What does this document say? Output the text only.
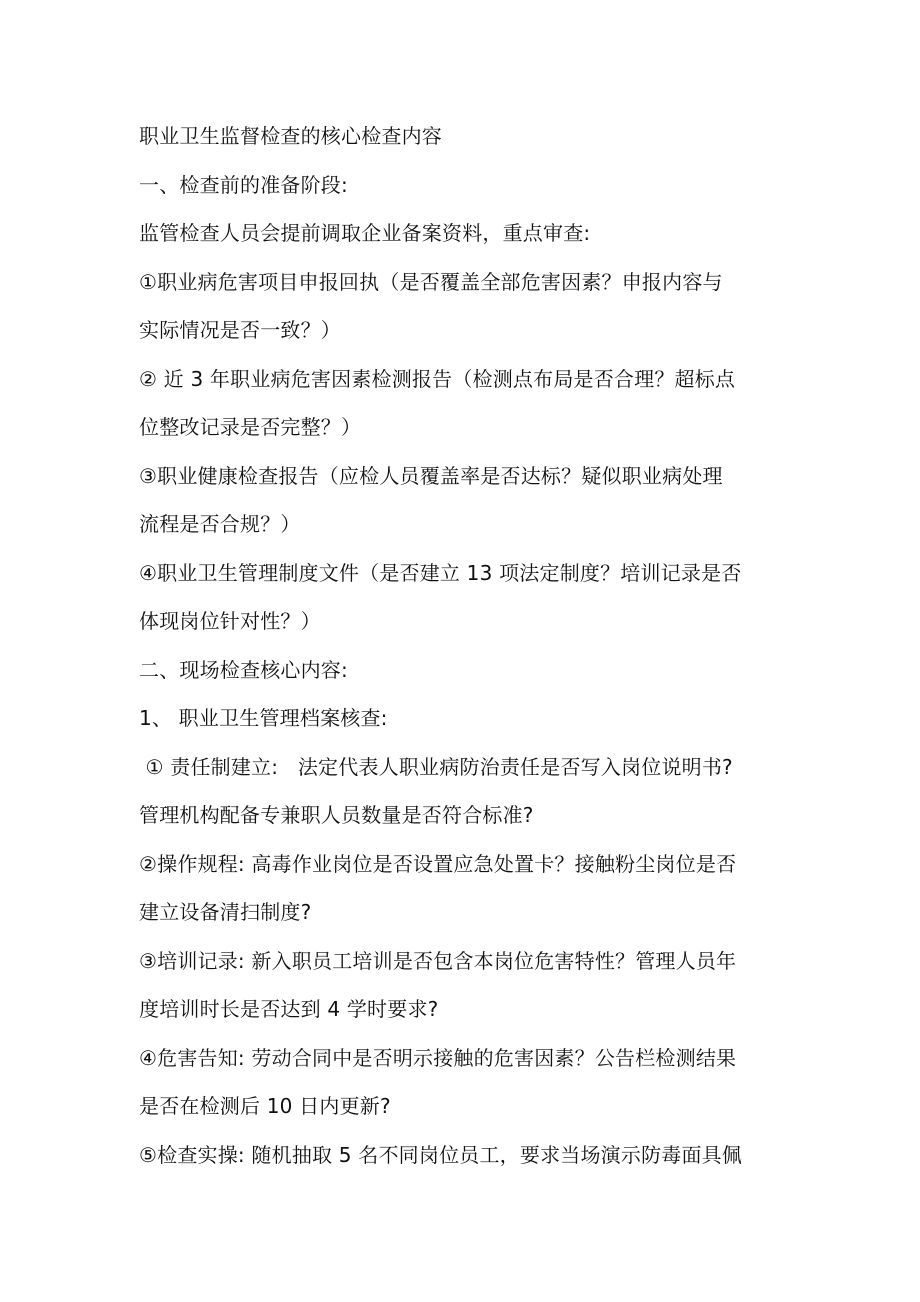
职业卫生监督检查的核心检查内容
一、检查前的准备阶段:
监管检查人员会提前调取企业备案资料，重点审查:
①职业病危害项目申报回执（是否覆盖全部危害因素？申报内容与
实际情况是否一致？）
② 近 3 年职业病危害因素检测报告（检测点布局是否合理？超标点
位整改记录是否完整？）
③职业健康检查报告（应检人员覆盖率是否达标？疑似职业病处理
流程是否合规？）
④职业卫生管理制度文件（是否建立 13 项法定制度？培训记录是否
体现岗位针对性？）
二、现场检查核心内容:
1、 职业卫生管理档案核查:
① 责任制建立:   法定代表人职业病防治责任是否写入岗位说明书?
管理机构配备专兼职人员数量是否符合标准?
②操作规程: 高毒作业岗位是否设置应急处置卡？接触粉尘岗位是否
建立设备清扫制度?
③培训记录: 新入职员工培训是否包含本岗位危害特性？管理人员年
度培训时长是否达到 4 学时要求?
④危害告知: 劳动合同中是否明示接触的危害因素？公告栏检测结果
是否在检测后 10 日内更新?
⑤检查实操: 随机抽取 5 名不同岗位员工，要求当场演示防毒面具佩
